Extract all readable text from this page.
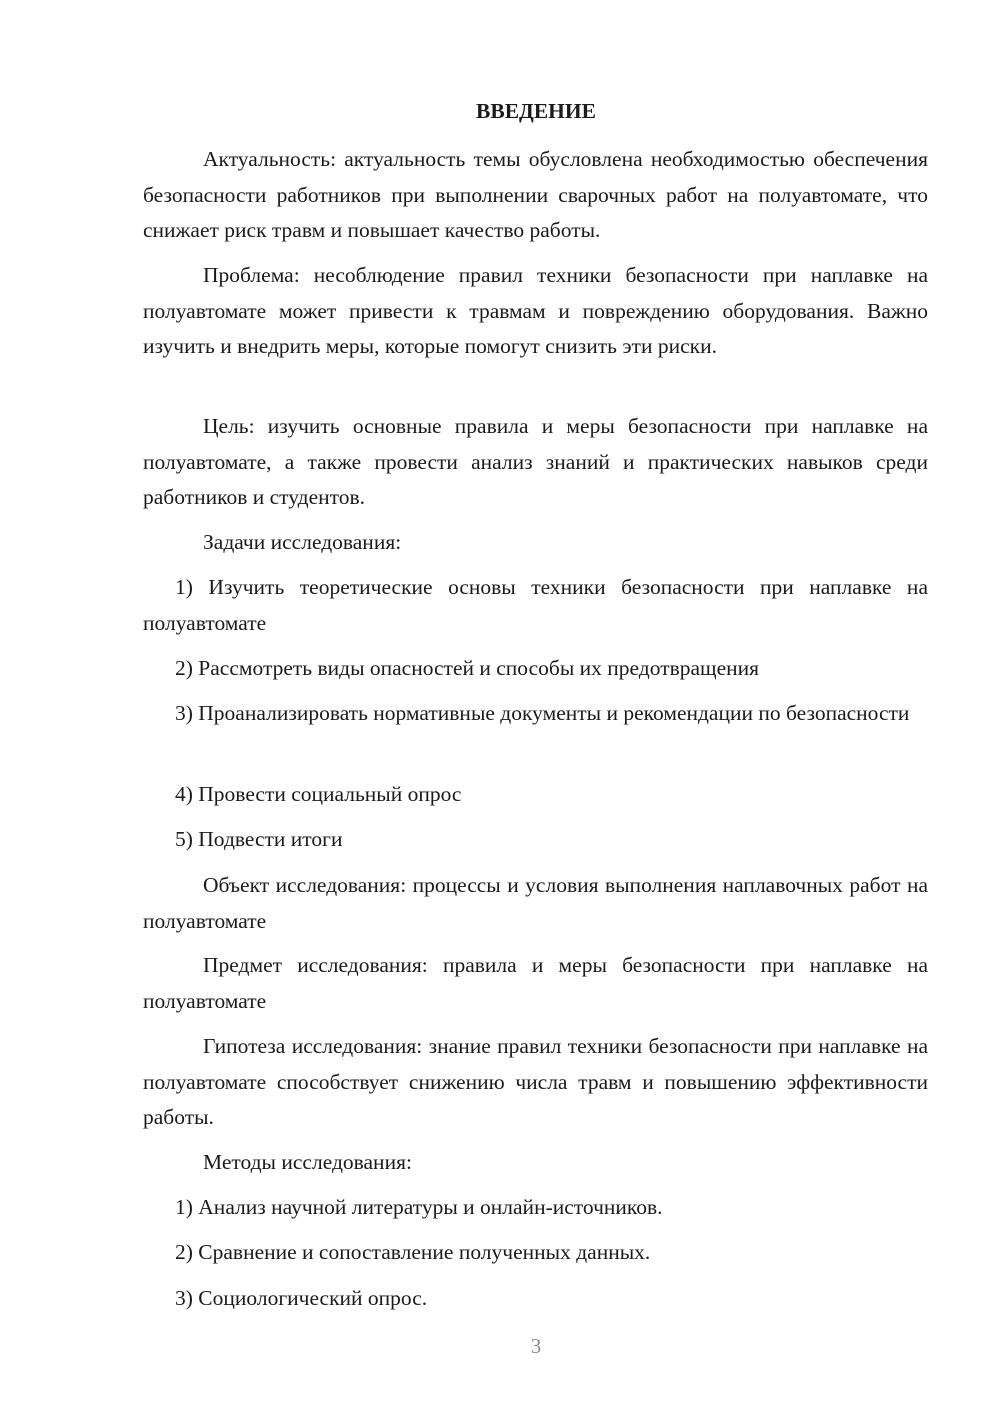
ВВЕДЕНИЕ

Актуальность: актуальность темы обусловлена необходимостью обеспечения безопасности работников при выполнении сварочных работ на полуавтомате, что снижает риск травм и повышает качество работы.

Проблема: несоблюдение правил техники безопасности при наплавке на полуавтомате может привести к травмам и повреждению оборудования. Важно изучить и внедрить меры, которые помогут снизить эти риски.

Цель: изучить основные правила и меры безопасности при наплавке на полуавтомате, а также провести анализ знаний и практических навыков среди работников и студентов.

Задачи исследования:

1) Изучить теоретические основы техники безопасности при наплавке на полуавтомате

2) Рассмотреть виды опасностей и способы их предотвращения

3) Проанализировать нормативные документы и рекомендации по безопасности

4) Провести социальный опрос

5) Подвести итоги

Объект исследования: процессы и условия выполнения наплавочных работ на полуавтомате

Предмет исследования: правила и меры безопасности при наплавке на полуавтомате

Гипотеза исследования: знание правил техники безопасности при наплавке на полуавтомате способствует снижению числа травм и повышению эффективности работы.

Методы исследования:

1) Анализ научной литературы и онлайн-источников.

2) Сравнение и сопоставление полученных данных.

3) Социологический опрос.

3
